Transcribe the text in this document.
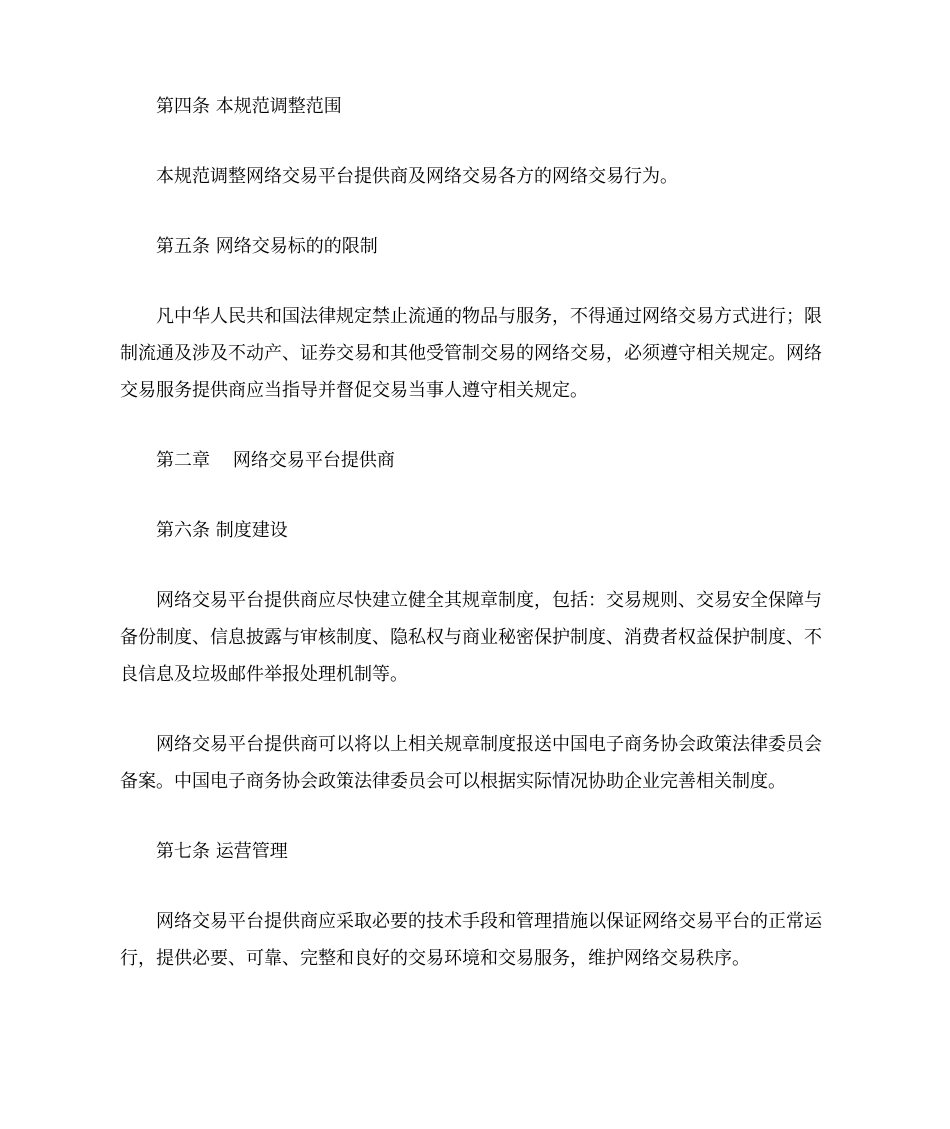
第四条 本规范调整范围
本规范调整网络交易平台提供商及网络交易各方的网络交易行为。
第五条 网络交易标的的限制
凡中华人民共和国法律规定禁止流通的物品与服务，不得通过网络交易方式进行；限
制流通及涉及不动产、证券交易和其他受管制交易的网络交易，必须遵守相关规定。网络
交易服务提供商应当指导并督促交易当事人遵守相关规定。
第二章    网络交易平台提供商
第六条 制度建设
网络交易平台提供商应尽快建立健全其规章制度，包括：交易规则、交易安全保障与
备份制度、信息披露与审核制度、隐私权与商业秘密保护制度、消费者权益保护制度、不
良信息及垃圾邮件举报处理机制等。
网络交易平台提供商可以将以上相关规章制度报送中国电子商务协会政策法律委员会
备案。中国电子商务协会政策法律委员会可以根据实际情况协助企业完善相关制度。
第七条 运营管理
网络交易平台提供商应采取必要的技术手段和管理措施以保证网络交易平台的正常运
行，提供必要、可靠、完整和良好的交易环境和交易服务，维护网络交易秩序。
